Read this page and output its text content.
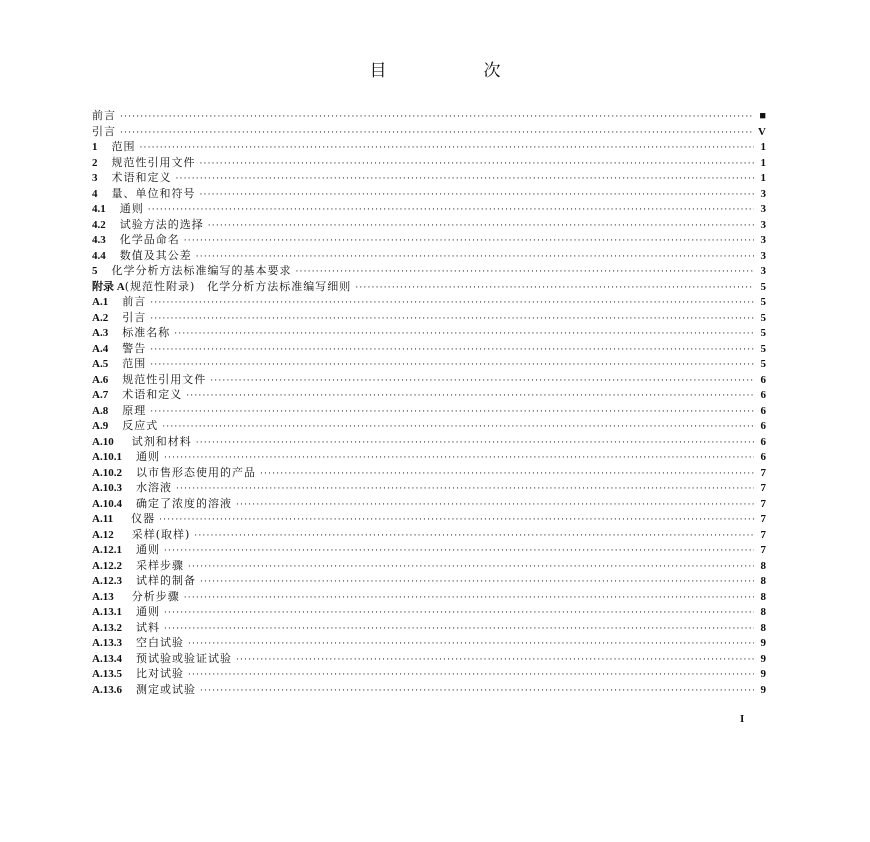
目　次
前言 ·····	■
引言 ·····	V
1 范围 ·····	1
2 规范性引用文件 ·····	1
3 术语和定义 ·····	1
4 量、单位和符号 ·····	3
4.1 通则 ·····	3
4.2 试验方法的选择 ·····	3
4.3 化学品命名 ·····	3
4.4 数值及其公差 ·····	3
5 化学分析方法标准编写的基本要求 ·····	3
附录 A (规范性附录)　化学分析方法标准编写细则 ·····	5
A.1 前言 ·····	5
A.2 引言 ·····	5
A.3 标准名称 ·····	5
A.4 警告 ·····	5
A.5 范围 ·····	5
A.6 规范性引用文件 ·····	6
A.7 术语和定义 ·····	6
A.8 原理 ·····	6
A.9 反应式 ·····	6
A.10 试剂和材料 ·····	6
A.10.1 通则 ·····	6
A.10.2 以市售形态使用的产品 ·····	7
A.10.3 水溶液 ·····	7
A.10.4 确定了浓度的溶液 ·····	7
A.11 仪器 ·····	7
A.12 采样(取样) ·····	7
A.12.1 通则 ·····	7
A.12.2 采样步骤 ·····	8
A.12.3 试样的制备 ·····	8
A.13 分析步骤 ·····	8
A.13.1 通则 ·····	8
A.13.2 试料 ·····	8
A.13.3 空白试验 ·····	9
A.13.4 预试验或验证试验 ·····	9
A.13.5 比对试验 ·····	9
A.13.6 测定或试验 ·····	9
I
